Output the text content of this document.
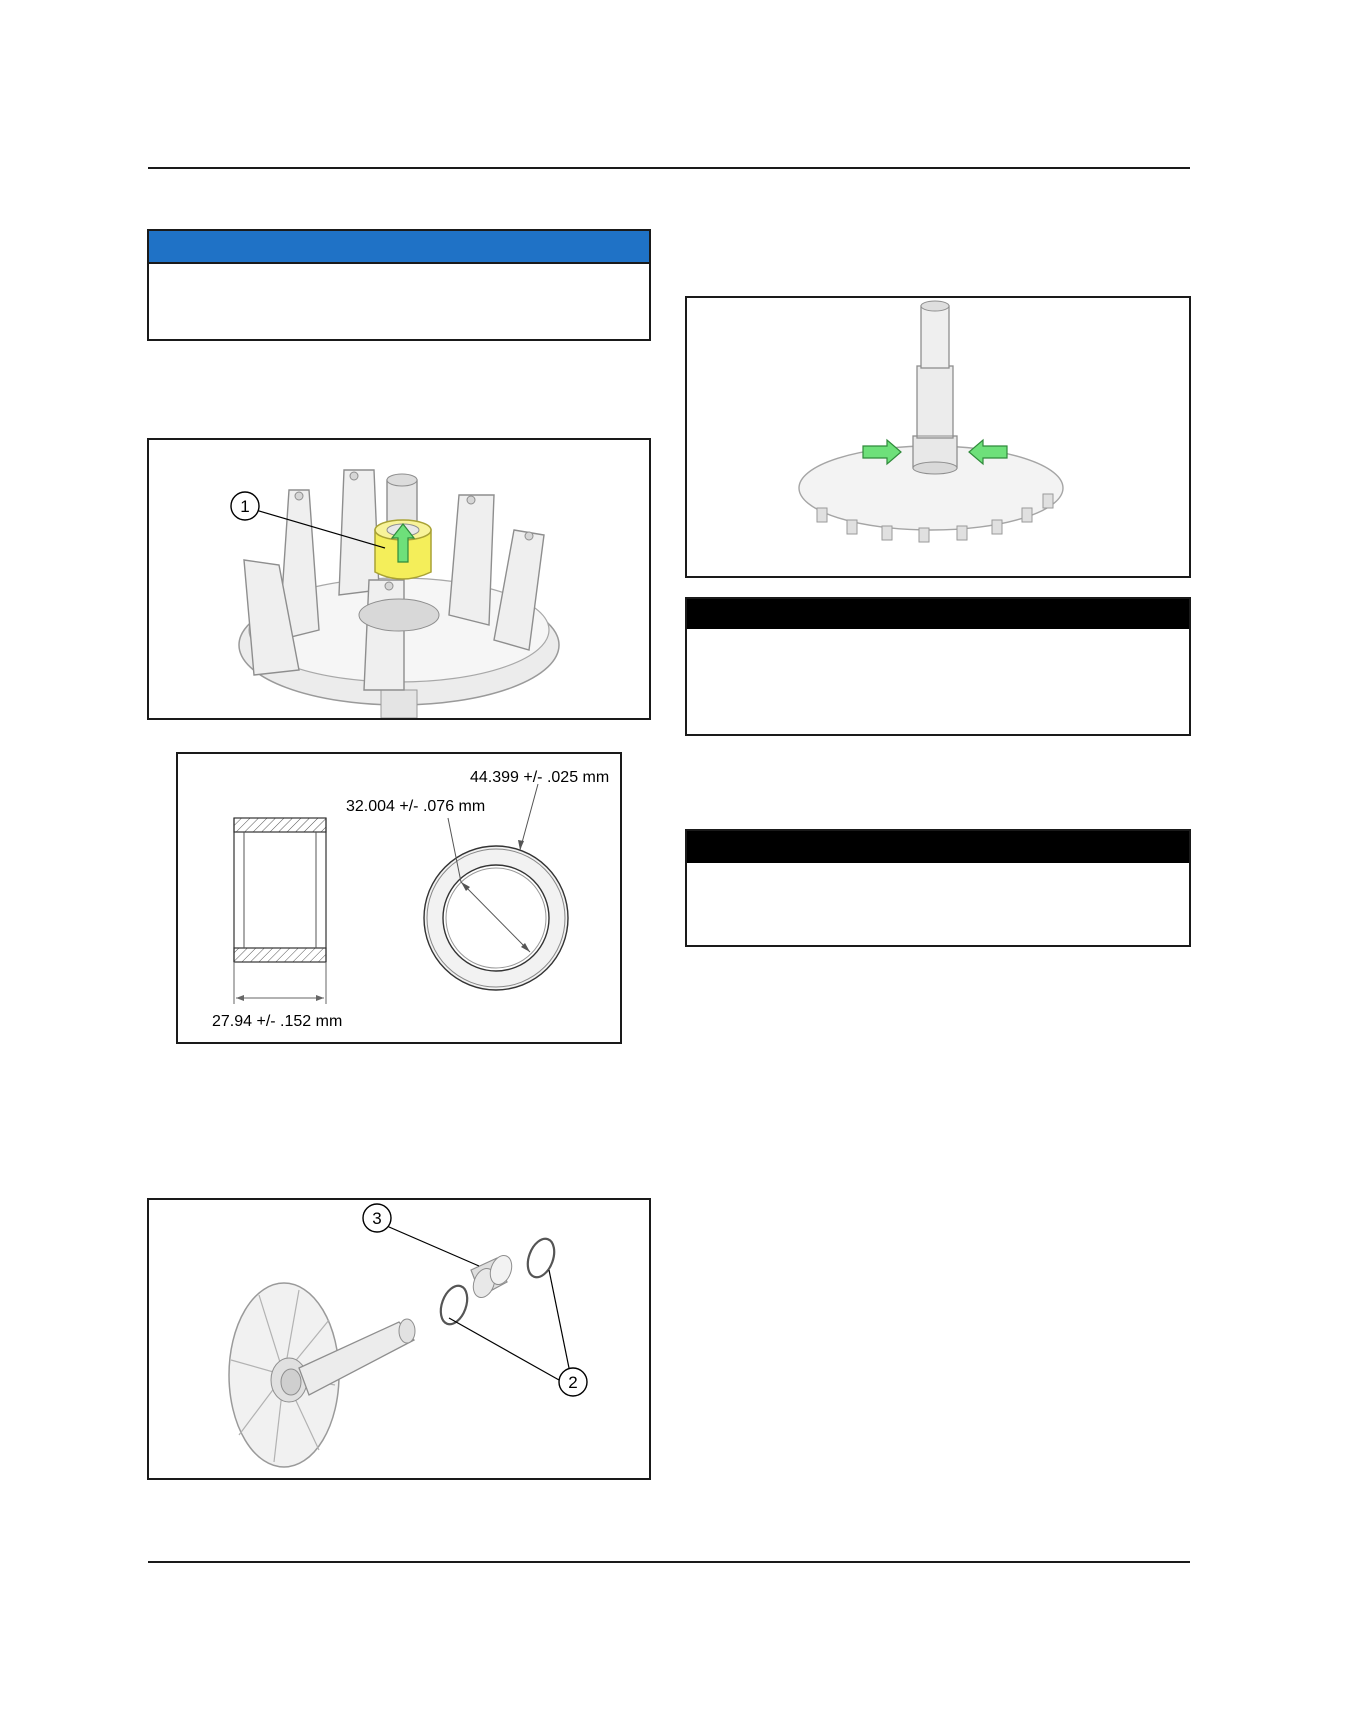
1
27.94 +/- .152 mm
32.004 +/- .076 mm
44.399 +/- .025 mm
3
2
